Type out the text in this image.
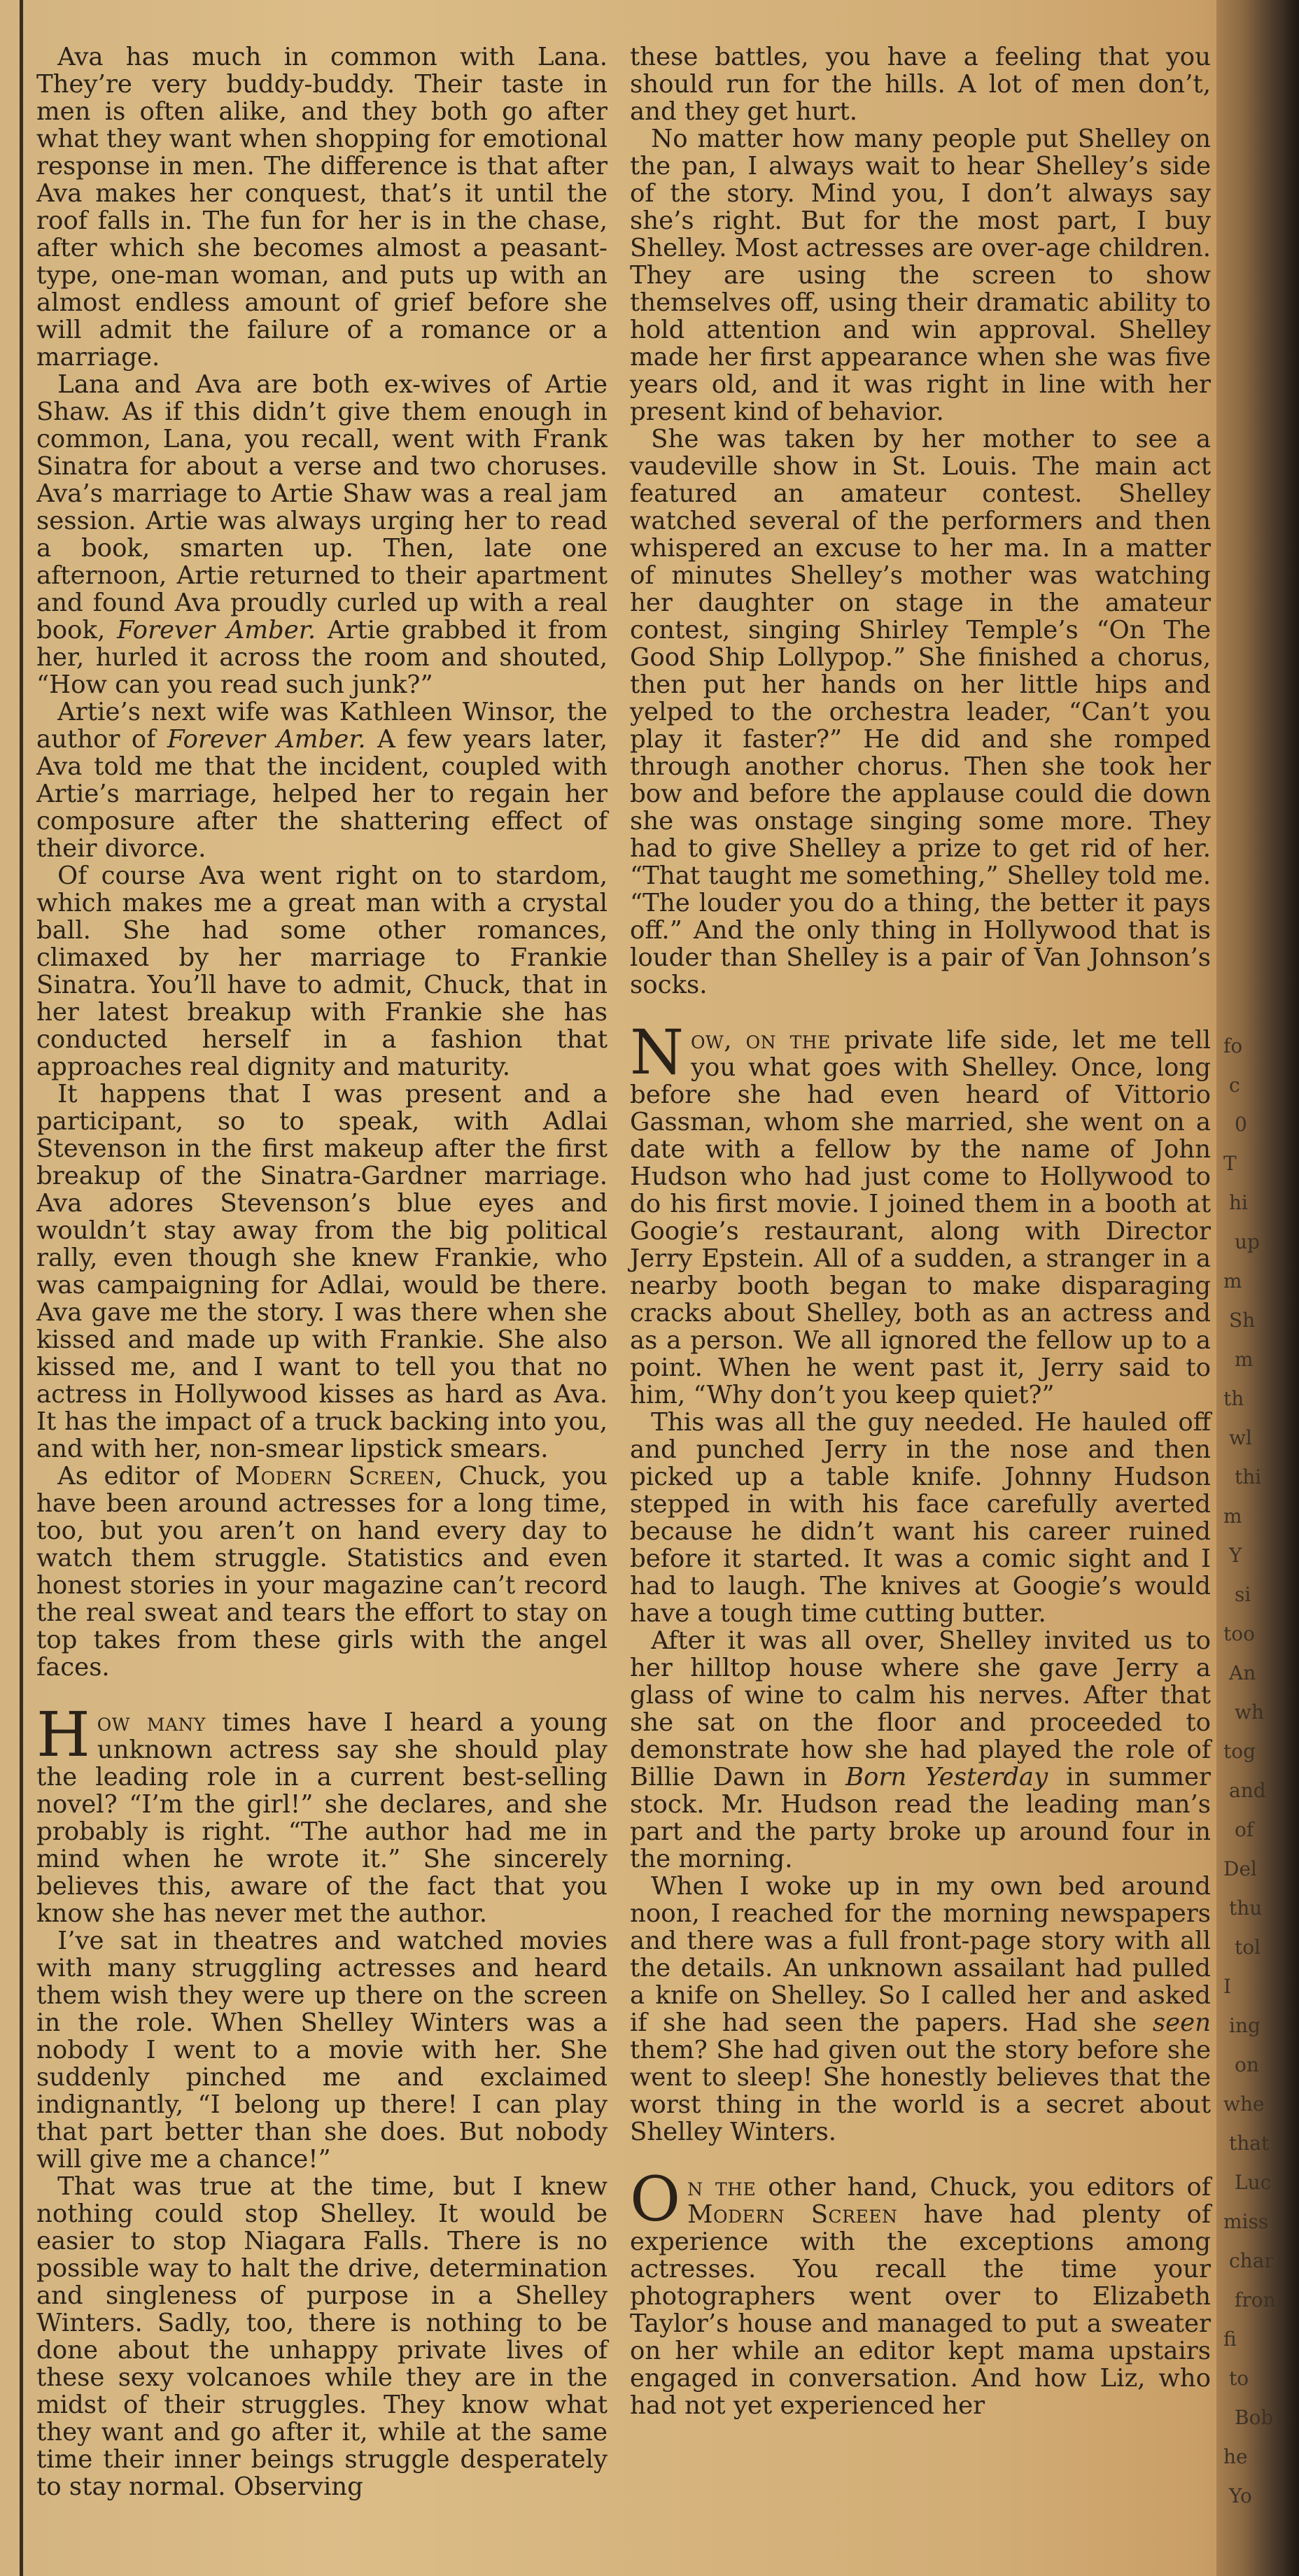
Ava has much in common with Lana. They’re very buddy-buddy. Their taste in men is often alike, and they both go after what they want when shopping for emotional response in men. The difference is that after Ava makes her conquest, that’s it until the roof falls in. The fun for her is in the chase, after which she becomes almost a peasant-type, one-man woman, and puts up with an almost endless amount of grief before she will admit the failure of a romance or a marriage.

Lana and Ava are both ex-wives of Artie Shaw. As if this didn’t give them enough in common, Lana, you recall, went with Frank Sinatra for about a verse and two choruses. Ava’s marriage to Artie Shaw was a real jam session. Artie was always urging her to read a book, smarten up. Then, late one afternoon, Artie returned to their apartment and found Ava proudly curled up with a real book, Forever Amber. Artie grabbed it from her, hurled it across the room and shouted, “How can you read such junk?”

Artie’s next wife was Kathleen Winsor, the author of Forever Amber. A few years later, Ava told me that the incident, coupled with Artie’s marriage, helped her to regain her composure after the shattering effect of their divorce.

Of course Ava went right on to stardom, which makes me a great man with a crystal ball. She had some other romances, climaxed by her marriage to Frankie Sinatra. You’ll have to admit, Chuck, that in her latest breakup with Frankie she has conducted herself in a fashion that approaches real dignity and maturity.

It happens that I was present and a participant, so to speak, with Adlai Stevenson in the first makeup after the first breakup of the Sinatra-Gardner marriage. Ava adores Stevenson’s blue eyes and wouldn’t stay away from the big political rally, even though she knew Frankie, who was campaigning for Adlai, would be there. Ava gave me the story. I was there when she kissed and made up with Frankie. She also kissed me, and I want to tell you that no actress in Hollywood kisses as hard as Ava. It has the impact of a truck backing into you, and with her, non-smear lipstick smears.

As editor of Modern Screen, Chuck, you have been around actresses for a long time, too, but you aren’t on hand every day to watch them struggle. Statistics and even honest stories in your magazine can’t record the real sweat and tears the effort to stay on top takes from these girls with the angel faces.

How many times have I heard a young unknown actress say she should play the leading role in a current best-selling novel? “I’m the girl!” she declares, and she probably is right. “The author had me in mind when he wrote it.” She sincerely believes this, aware of the fact that you know she has never met the author.

I’ve sat in theatres and watched movies with many struggling actresses and heard them wish they were up there on the screen in the role. When Shelley Winters was a nobody I went to a movie with her. She suddenly pinched me and exclaimed indignantly, “I belong up there! I can play that part better than she does. But nobody will give me a chance!”

That was true at the time, but I knew nothing could stop Shelley. It would be easier to stop Niagara Falls. There is no possible way to halt the drive, determination and singleness of purpose in a Shelley Winters. Sadly, too, there is nothing to be done about the unhappy private lives of these sexy volcanoes while they are in the midst of their struggles. They know what they want and go after it, while at the same time their inner beings struggle desperately to stay normal. Observing

these battles, you have a feeling that you should run for the hills. A lot of men don’t, and they get hurt.

No matter how many people put Shelley on the pan, I always wait to hear Shelley’s side of the story. Mind you, I don’t always say she’s right. But for the most part, I buy Shelley. Most actresses are over-age children. They are using the screen to show themselves off, using their dramatic ability to hold attention and win approval. Shelley made her first appearance when she was five years old, and it was right in line with her present kind of behavior.

She was taken by her mother to see a vaudeville show in St. Louis. The main act featured an amateur contest. Shelley watched several of the performers and then whispered an excuse to her ma. In a matter of minutes Shelley’s mother was watching her daughter on stage in the amateur contest, singing Shirley Temple’s “On The Good Ship Lollypop.” She finished a chorus, then put her hands on her little hips and yelped to the orchestra leader, “Can’t you play it faster?” He did and she romped through another chorus. Then she took her bow and before the applause could die down she was onstage singing some more. They had to give Shelley a prize to get rid of her. “That taught me something,” Shelley told me. “The louder you do a thing, the better it pays off.” And the only thing in Hollywood that is louder than Shelley is a pair of Van Johnson’s socks.

Now, on the private life side, let me tell you what goes with Shelley. Once, long before she had even heard of Vittorio Gassman, whom she married, she went on a date with a fellow by the name of John Hudson who had just come to Hollywood to do his first movie. I joined them in a booth at Googie’s restaurant, along with Director Jerry Epstein. All of a sudden, a stranger in a nearby booth began to make disparaging cracks about Shelley, both as an actress and as a person. We all ignored the fellow up to a point. When he went past it, Jerry said to him, “Why don’t you keep quiet?”

This was all the guy needed. He hauled off and punched Jerry in the nose and then picked up a table knife. Johnny Hudson stepped in with his face carefully averted because he didn’t want his career ruined before it started. It was a comic sight and I had to laugh. The knives at Googie’s would have a tough time cutting butter.

After it was all over, Shelley invited us to her hilltop house where she gave Jerry a glass of wine to calm his nerves. After that she sat on the floor and proceeded to demonstrate how she had played the role of Billie Dawn in Born Yesterday in summer stock. Mr. Hudson read the leading man’s part and the party broke up around four in the morning.

When I woke up in my own bed around noon, I reached for the morning newspapers and there was a full front-page story with all the details. An unknown assailant had pulled a knife on Shelley. So I called her and asked if she had seen the papers. Had she seen them? She had given out the story before she went to sleep! She honestly believes that the worst thing in the world is a secret about Shelley Winters.

On the other hand, Chuck, you editors of Modern Screen have had plenty of experience with the exceptions among actresses. You recall the time your photographers went over to Elizabeth Taylor’s house and managed to put a sweater on her while an editor kept mama upstairs engaged in conversation. And how Liz, who had not yet experienced her

fo
c
0
T
hi
up
m
Sh
m
th
wl
thi
m
Y
si
too
An
wh
tog
and
of
Del
thu
tol
I
ing
on
whe
that
Luc
miss
char
fron
fi
to
Bob
he
Yo
